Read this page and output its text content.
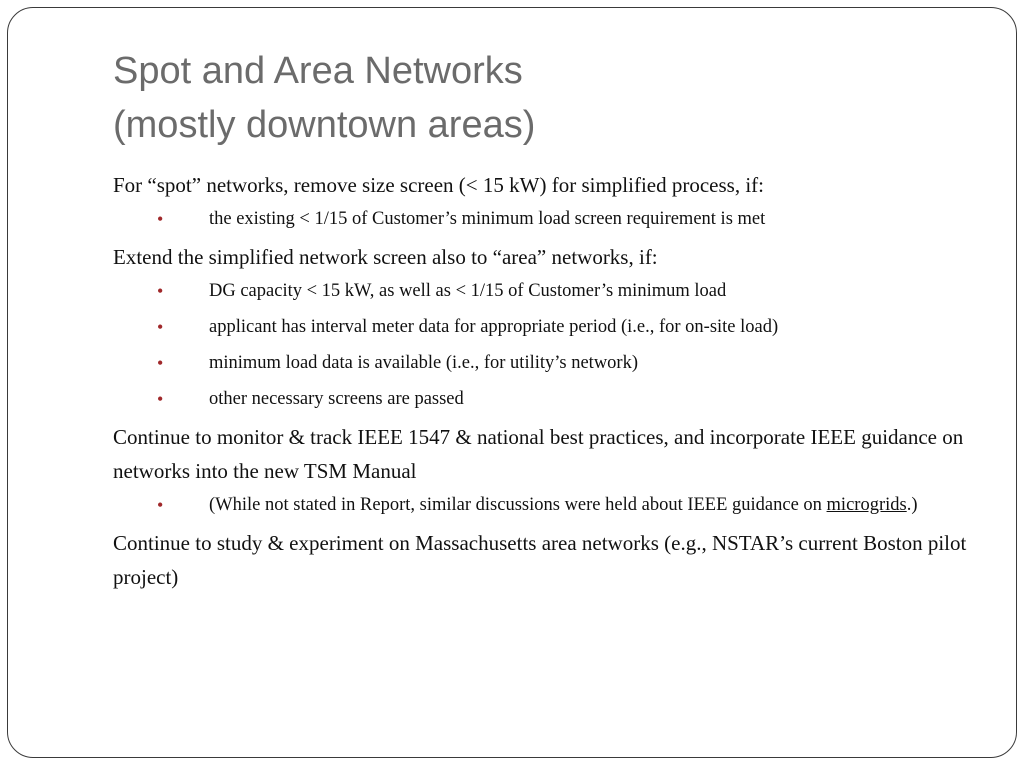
Spot and Area Networks
(mostly downtown areas)

For “spot” networks, remove size screen (< 15 kW) for simplified process, if:

• the existing < 1/15 of Customer’s minimum load screen requirement is met

Extend the simplified network screen also to “area” networks, if:

• DG capacity < 15 kW, as well as < 1/15 of Customer’s minimum load
• applicant has interval meter data for appropriate period (i.e., for on-site load)
• minimum load data is available (i.e., for utility’s network)
• other necessary screens are passed

Continue to monitor & track IEEE 1547 & national best practices, and incorporate IEEE guidance on networks into the new TSM Manual

• (While not stated in Report, similar discussions were held about IEEE guidance on microgrids.)

Continue to study & experiment on Massachusetts area networks (e.g., NSTAR’s current Boston pilot project)
